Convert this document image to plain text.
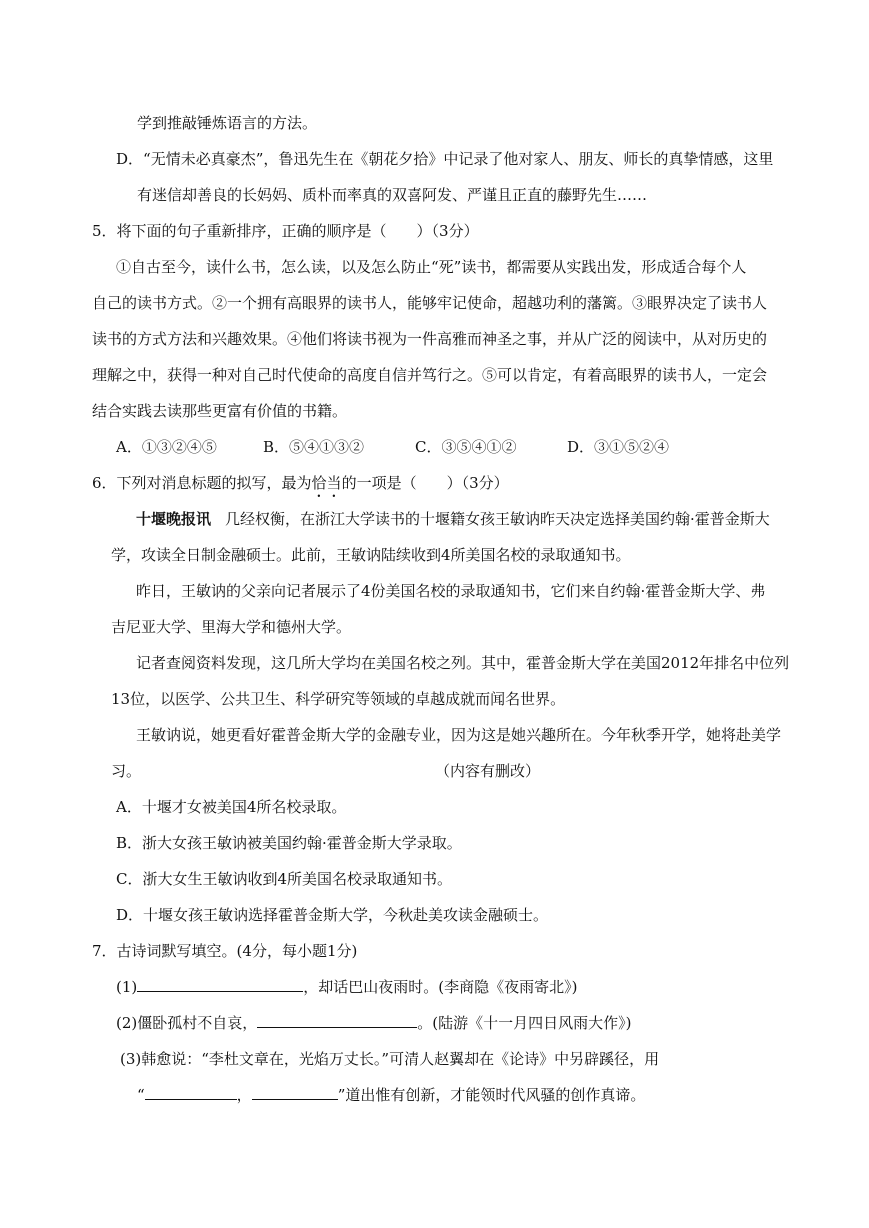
学到推敲锤炼语言的方法。
D．“无情未必真豪杰”，鲁迅先生在《朝花夕拾》中记录了他对家人、朋友、师长的真挚情感，这里
有迷信却善良的长妈妈、质朴而率真的双喜阿发、严谨且正直的藤野先生……
5．将下面的句子重新排序，正确的顺序是（　　）（3分）
①自古至今，读什么书，怎么读，以及怎么防止“死”读书，都需要从实践出发，形成适合每个人
自己的读书方式。②一个拥有高眼界的读书人，能够牢记使命，超越功利的藩篱。③眼界决定了读书人
读书的方式方法和兴趣效果。④他们将读书视为一件高雅而神圣之事，并从广泛的阅读中，从对历史的
理解之中，获得一种对自己时代使命的高度自信并笃行之。⑤可以肯定，有着高眼界的读书人，一定会
结合实践去读那些更富有价值的书籍。
A．①③②④⑤	B．⑤④①③②	C．③⑤④①②	D．③①⑤②④
6．下列对消息标题的拟写，最为恰当的一项是（　　）（3分）
十堰晚报讯 几经权衡，在浙江大学读书的十堰籍女孩王敏讷昨天决定选择美国约翰·霍普金斯大
学，攻读全日制金融硕士。此前，王敏讷陆续收到4所美国名校的录取通知书。
昨日，王敏讷的父亲向记者展示了4份美国名校的录取通知书，它们来自约翰·霍普金斯大学、弗
吉尼亚大学、里海大学和德州大学。
记者查阅资料发现，这几所大学均在美国名校之列。其中，霍普金斯大学在美国2012年排名中位列
13位，以医学、公共卫生、科学研究等领域的卓越成就而闻名世界。
王敏讷说，她更看好霍普金斯大学的金融专业，因为这是她兴趣所在。今年秋季开学，她将赴美学
习。	（内容有删改）
A．十堰才女被美国4所名校录取。
B．浙大女孩王敏讷被美国约翰·霍普金斯大学录取。
C．浙大女生王敏讷收到4所美国名校录取通知书。
D．十堰女孩王敏讷选择霍普金斯大学，今秋赴美攻读金融硕士。
7．古诗词默写填空。(4分，每小题1分)
(1)	，却话巴山夜雨时。(李商隐《夜雨寄北》)
(2)僵卧孤村不自哀，	。(陆游《十一月四日风雨大作》)
(3)韩愈说：“李杜文章在，光焰万丈长。”可清人赵翼却在《论诗》中另辟蹊径，用
“	，	”道出惟有创新，才能领时代风骚的创作真谛。
